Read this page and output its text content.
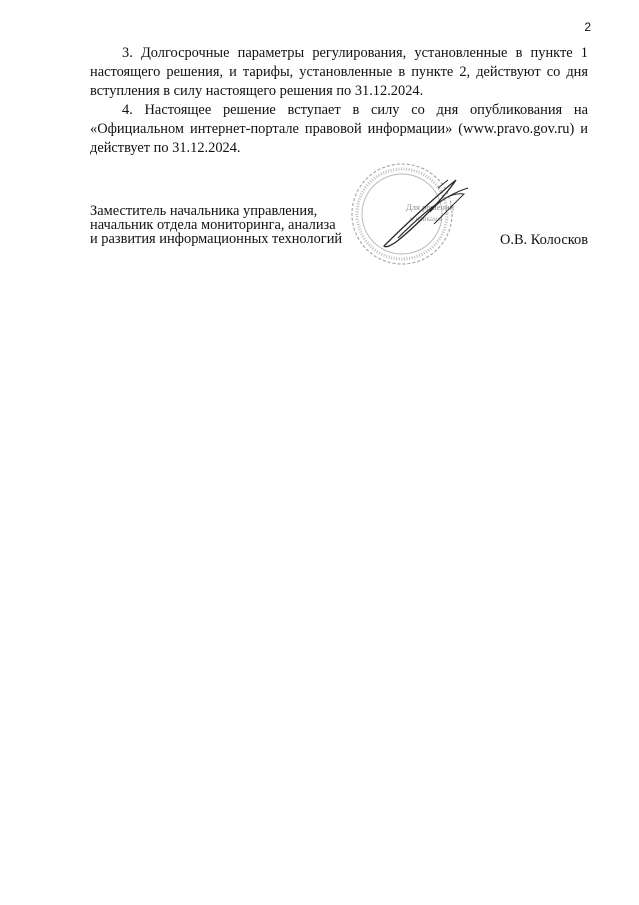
2

3. Долгосрочные параметры регулирования, установленные в пункте 1 настоящего решения, и тарифы, установленные в пункте 2, действуют со дня вступления в силу настоящего решения по 31.12.2024.

4. Настоящее решение вступает в силу со дня опубликования на «Официальном интернет-портале правовой информации» (www.pravo.gov.ru) и действует по 31.12.2024.

Заместитель начальника управления,
начальник отдела мониторинга, анализа
и развития информационных технологий	О.В. Колосков
Для решений
и приказов
